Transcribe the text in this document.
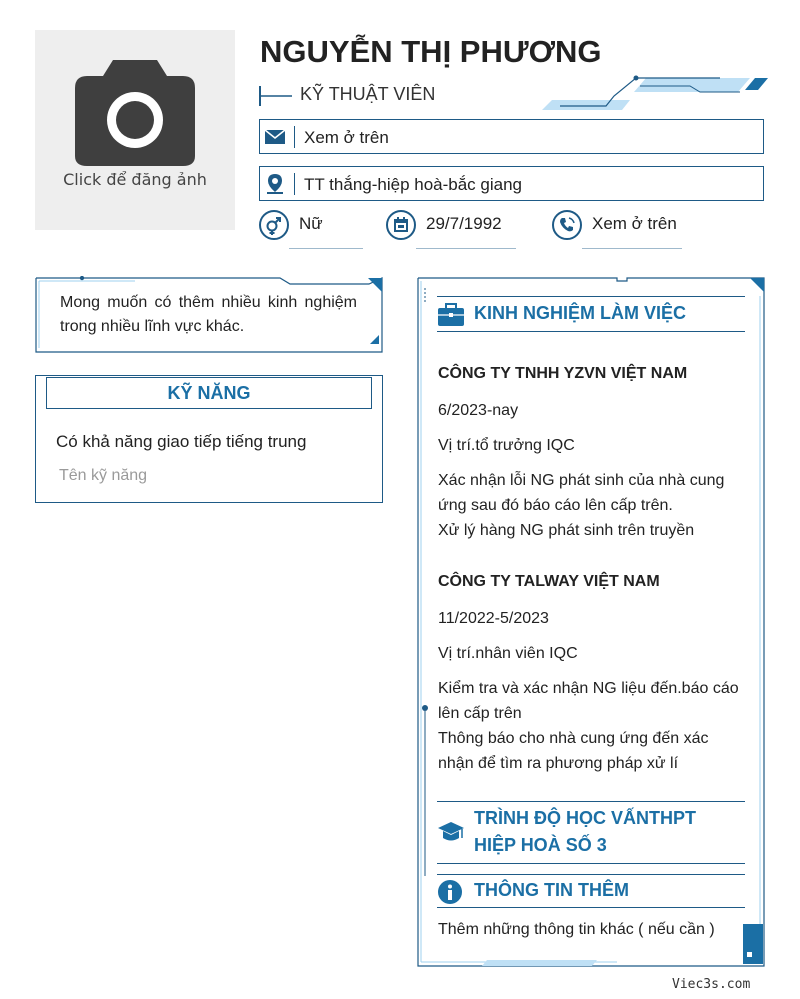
Click để đăng ảnh
NGUYỄN THỊ PHƯƠNG
KỸ THUẬT VIÊN
Xem ở trên
TT thắng-hiệp hoà-bắc giang
Nữ	29/7/1992	Xem ở trên
Mong muốn có thêm nhiều kinh nghiệm trong nhiều lĩnh vực khác.
KỸ NĂNG
Có khả năng giao tiếp tiếng trung
Tên kỹ năng
KINH NGHIỆM LÀM VIỆC
CÔNG TY TNHH YZVN VIỆT NAM
6/2023-nay
Vị trí.tổ trưởng IQC
Xác nhận lỗi NG phát sinh của nhà cung ứng sau đó báo cáo lên cấp trên.
Xử lý hàng NG phát sinh trên truyền
CÔNG TY TALWAY VIỆT NAM
11/2022-5/2023
Vị trí.nhân viên IQC
Kiểm tra và xác nhận NG liệu đến.báo cáo lên cấp trên
Thông báo cho nhà cung ứng đến xác nhận để tìm ra phương pháp xử lí
TRÌNH ĐỘ HỌC VẤNTHPT
HIỆP HOÀ SỐ 3
THÔNG TIN THÊM
Thêm những thông tin khác ( nếu cần )
Viec3s.com
